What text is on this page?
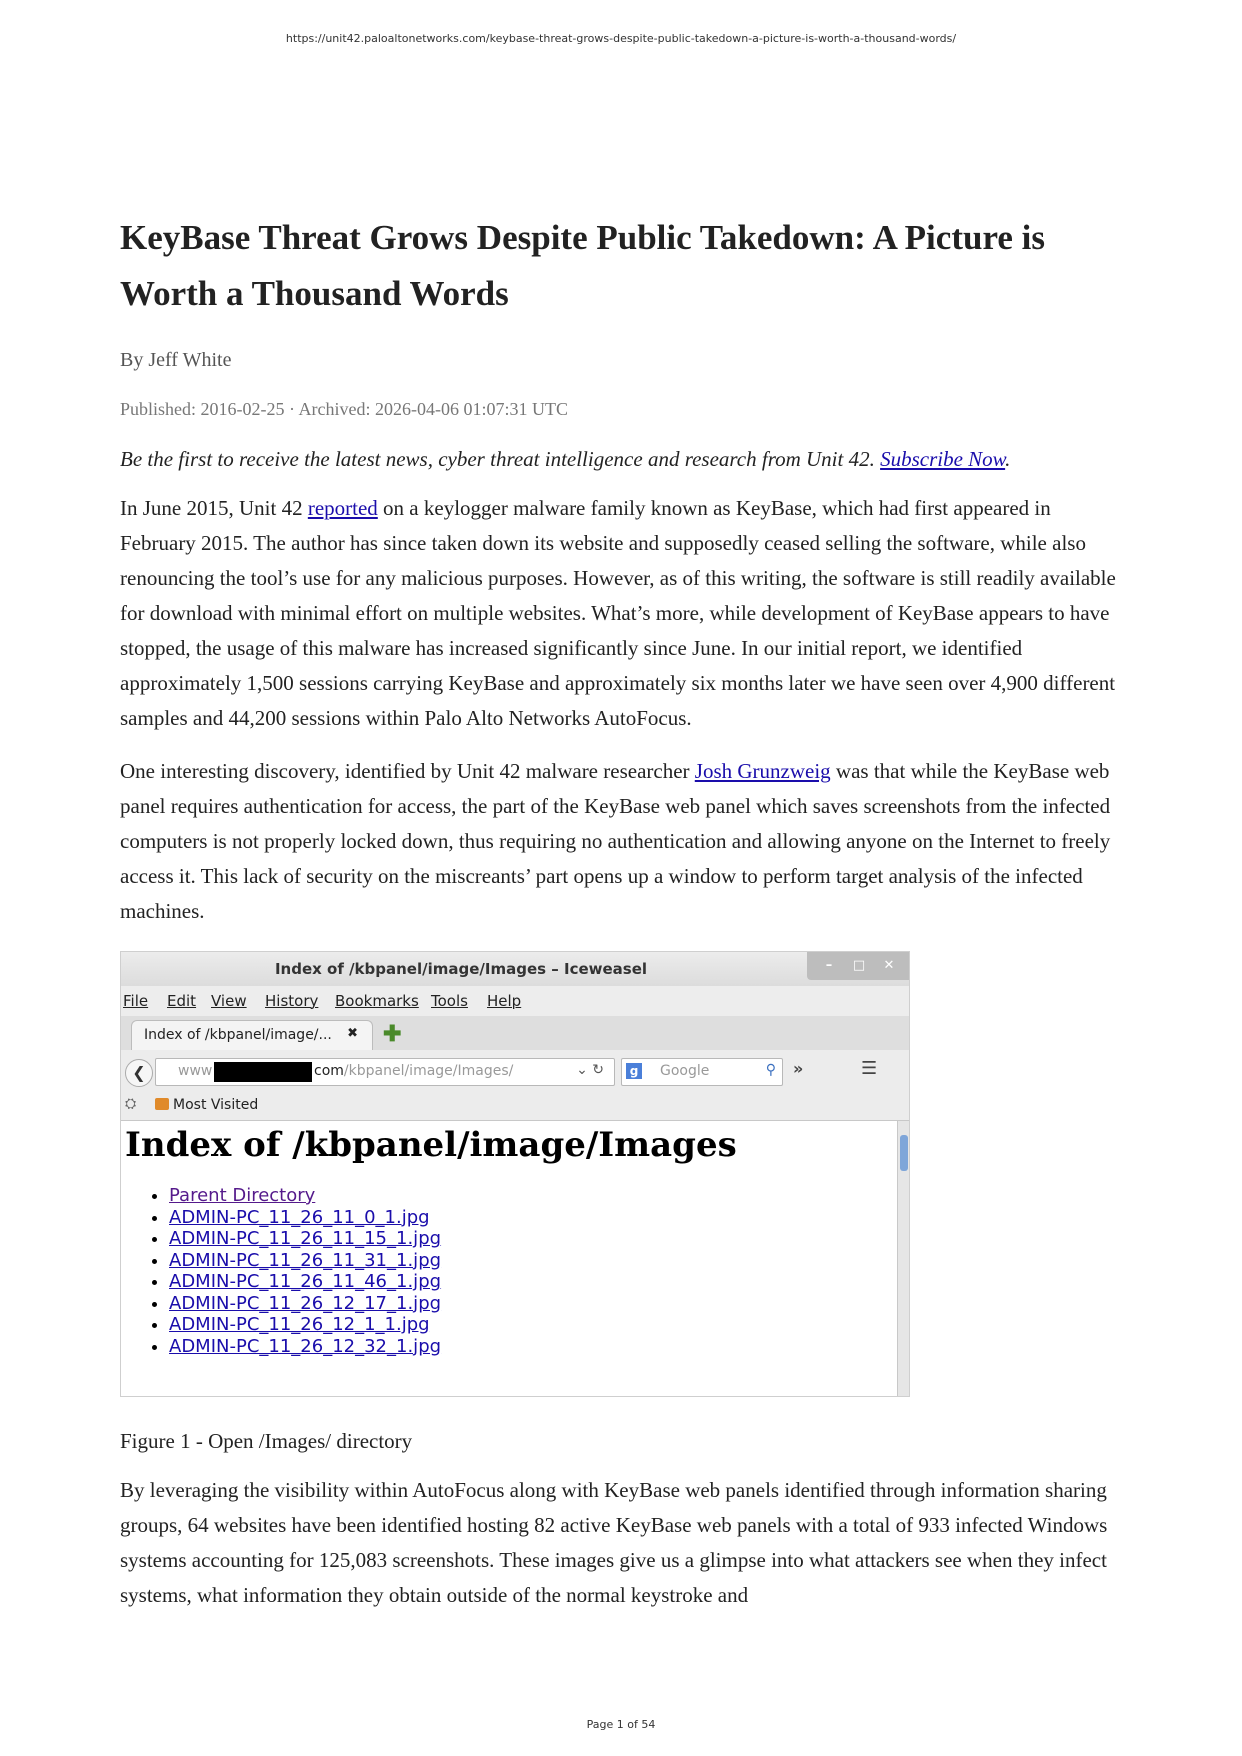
https://unit42.paloaltonetworks.com/keybase-threat-grows-despite-public-takedown-a-picture-is-worth-a-thousand-words/
KeyBase Threat Grows Despite Public Takedown: A Picture is Worth a Thousand Words
By Jeff White
Published: 2016-02-25 · Archived: 2026-04-06 01:07:31 UTC
Be the first to receive the latest news, cyber threat intelligence and research from Unit 42. Subscribe Now.

In June 2015, Unit 42 reported on a keylogger malware family known as KeyBase, which had first appeared in February 2015. The author has since taken down its website and supposedly ceased selling the software, while also renouncing the tool’s use for any malicious purposes. However, as of this writing, the software is still readily available for download with minimal effort on multiple websites. What’s more, while development of KeyBase appears to have stopped, the usage of this malware has increased significantly since June. In our initial report, we identified approximately 1,500 sessions carrying KeyBase and approximately six months later we have seen over 4,900 different samples and 44,200 sessions within Palo Alto Networks AutoFocus.

One interesting discovery, identified by Unit 42 malware researcher Josh Grunzweig was that while the KeyBase web panel requires authentication for access, the part of the KeyBase web panel which saves screenshots from the infected computers is not properly locked down, thus requiring no authentication and allowing anyone on the Internet to freely access it. This lack of security on the miscreants’ part opens up a window to perform target analysis of the infected machines.

Index of /kbpanel/image/Images – Iceweasel	–	□	✕
File Edit View History Bookmarks Tools Help
Index of /kbpanel/image/... ✖ ✚
❮	www	com/kbpanel/image/Images/	⌄ ↻	g Google	⚲ »	☰
⛭	Most Visited
Index of /kbpanel/image/Images
• Parent Directory
• ADMIN-PC_11_26_11_0_1.jpg
• ADMIN-PC_11_26_11_15_1.jpg
• ADMIN-PC_11_26_11_31_1.jpg
• ADMIN-PC_11_26_11_46_1.jpg
• ADMIN-PC_11_26_12_17_1.jpg
• ADMIN-PC_11_26_12_1_1.jpg
• ADMIN-PC_11_26_12_32_1.jpg
Figure 1 - Open /Images/ directory

By leveraging the visibility within AutoFocus along with KeyBase web panels identified through information sharing groups, 64 websites have been identified hosting 82 active KeyBase web panels with a total of 933 infected Windows systems accounting for 125,083 screenshots. These images give us a glimpse into what attackers see when they infect systems, what information they obtain outside of the normal keystroke and

Page 1 of 54
